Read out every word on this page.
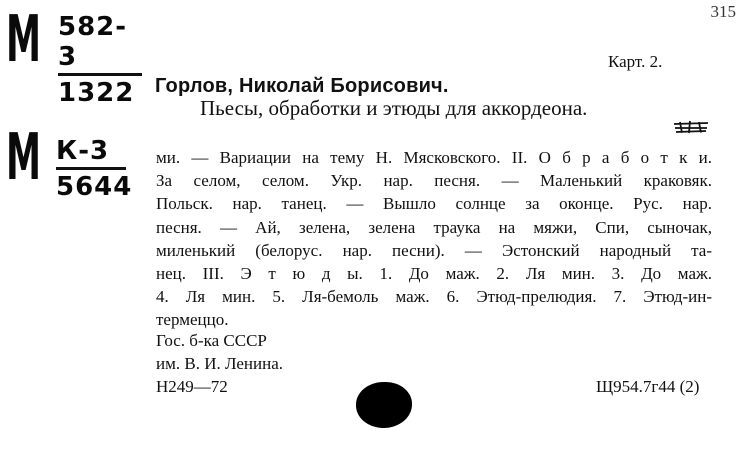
М 582-3
1322
М К-3
5644
315
Карт. 2.
Горлов, Николай Борисович.
Пьесы, обработки и этюды для аккордеона.
ми. — Вариации на тему Н. Мясковского. II. О б р а б о т к и.
За селом, селом. Укр. нар. песня. — Маленький краковяк.
Польск. нар. танец. — Вышло солнце за оконце. Рус. нар.
песня. — Ай, зелена, зелена траука на мяжи, Спи, сыночак,
миленький (белорус. нар. песни). — Эстонский народный та-
нец. III. Э т ю д ы. 1. До маж. 2. Ля мин. 3. До маж.
4. Ля мин. 5. Ля-бемоль маж. 6. Этюд-прелюдия. 7. Этюд-ин-
термеццо.
Гос. б-ка СССР
им. В. И. Ленина.
Н249—72	Щ954.7г44 (2)
